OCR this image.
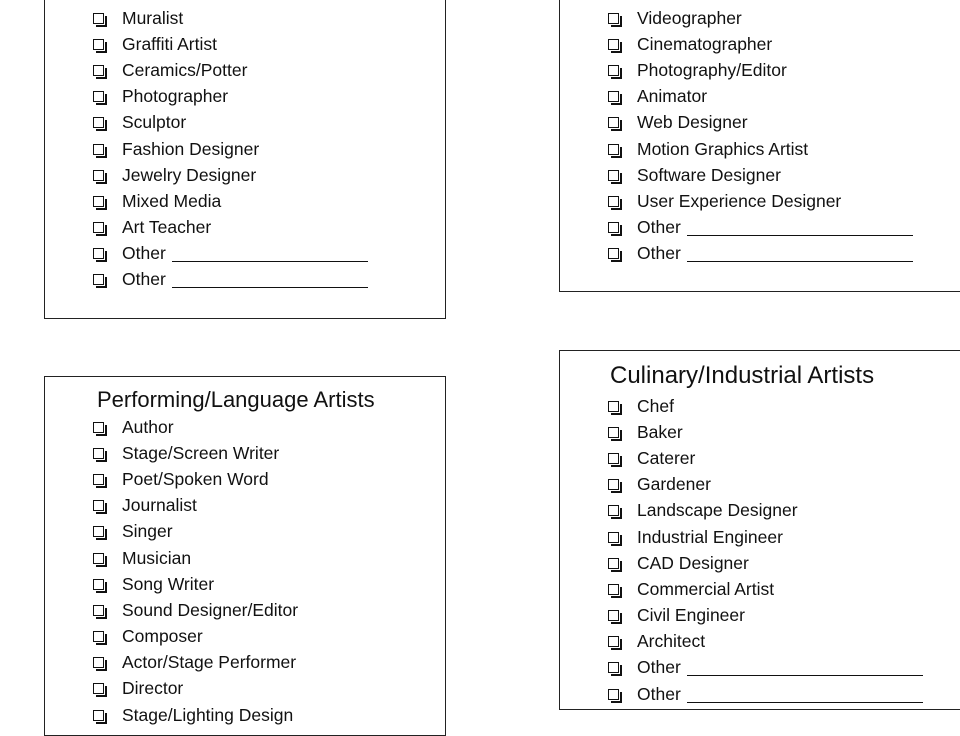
Muralist
Graffiti Artist
Ceramics/Potter
Photographer
Sculptor
Fashion Designer
Jewelry Designer
Mixed Media
Art Teacher
Other
Other
Videographer
Cinematographer
Photography/Editor
Animator
Web Designer
Motion Graphics Artist
Software Designer
User Experience Designer
Other
Other
Performing/Language Artists
Author
Stage/Screen Writer
Poet/Spoken Word
Journalist
Singer
Musician
Song Writer
Sound Designer/Editor
Composer
Actor/Stage Performer
Director
Stage/Lighting Design
Culinary/Industrial Artists
Chef
Baker
Caterer
Gardener
Landscape Designer
Industrial Engineer
CAD Designer
Commercial Artist
Civil Engineer
Architect
Other
Other
